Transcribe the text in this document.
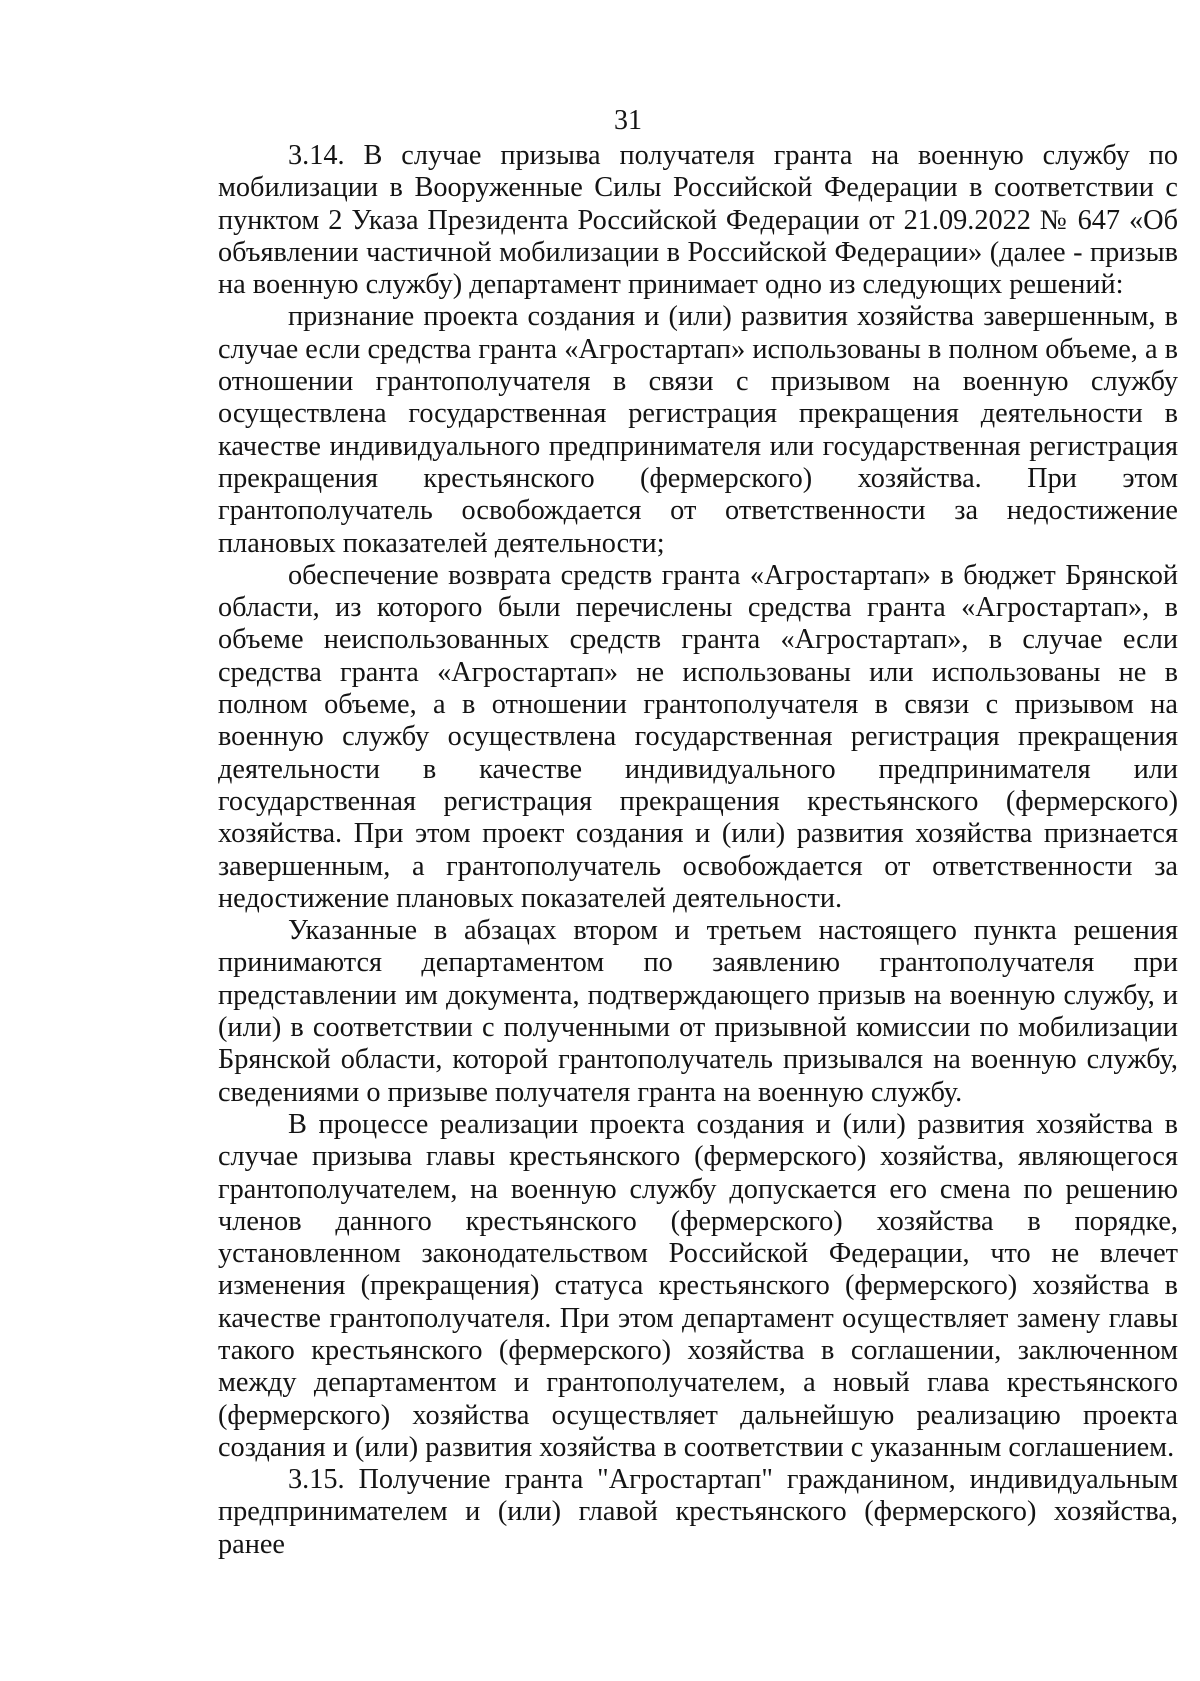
31

3.14. В случае призыва получателя гранта на военную службу по мобилизации в Вооруженные Силы Российской Федерации в соответствии с пунктом 2 Указа Президента Российской Федерации от 21.09.2022 № 647 «Об объявлении частичной мобилизации в Российской Федерации» (далее - призыв на военную службу) департамент принимает одно из следующих решений:

признание проекта создания и (или) развития хозяйства завершенным, в случае если средства гранта «Агростартап» использованы в полном объеме, а в отношении грантополучателя в связи с призывом на военную службу осуществлена государственная регистрация прекращения деятельности в качестве индивидуального предпринимателя или государственная регистрация прекращения крестьянского (фермерского) хозяйства. При этом грантополучатель освобождается от ответственности за недостижение плановых показателей деятельности;

обеспечение возврата средств гранта «Агростартап» в бюджет Брянской области, из которого были перечислены средства гранта «Агростартап», в объеме неиспользованных средств гранта «Агростартап», в случае если средства гранта «Агростартап» не использованы или использованы не в полном объеме, а в отношении грантополучателя в связи с призывом на военную службу осуществлена государственная регистрация прекращения деятельности в качестве индивидуального предпринимателя или государственная регистрация прекращения крестьянского (фермерского) хозяйства. При этом проект создания и (или) развития хозяйства признается завершенным, а грантополучатель освобождается от ответственности за недостижение плановых показателей деятельности.

Указанные в абзацах втором и третьем настоящего пункта решения принимаются департаментом по заявлению грантополучателя при представлении им документа, подтверждающего призыв на военную службу, и (или) в соответствии с полученными от призывной комиссии по мобилизации Брянской области, которой грантополучатель призывался на военную службу, сведениями о призыве получателя гранта на военную службу.

В процессе реализации проекта создания и (или) развития хозяйства в случае призыва главы крестьянского (фермерского) хозяйства, являющегося грантополучателем, на военную службу допускается его смена по решению членов данного крестьянского (фермерского) хозяйства в порядке, установленном законодательством Российской Федерации, что не влечет изменения (прекращения) статуса крестьянского (фермерского) хозяйства в качестве грантополучателя. При этом департамент осуществляет замену главы такого крестьянского (фермерского) хозяйства в соглашении, заключенном между департаментом и грантополучателем, а новый глава крестьянского (фермерского) хозяйства осуществляет дальнейшую реализацию проекта создания и (или) развития хозяйства в соответствии с указанным соглашением.

3.15. Получение гранта "Агростартап" гражданином, индивидуальным предпринимателем и (или) главой крестьянского (фермерского) хозяйства, ранее
